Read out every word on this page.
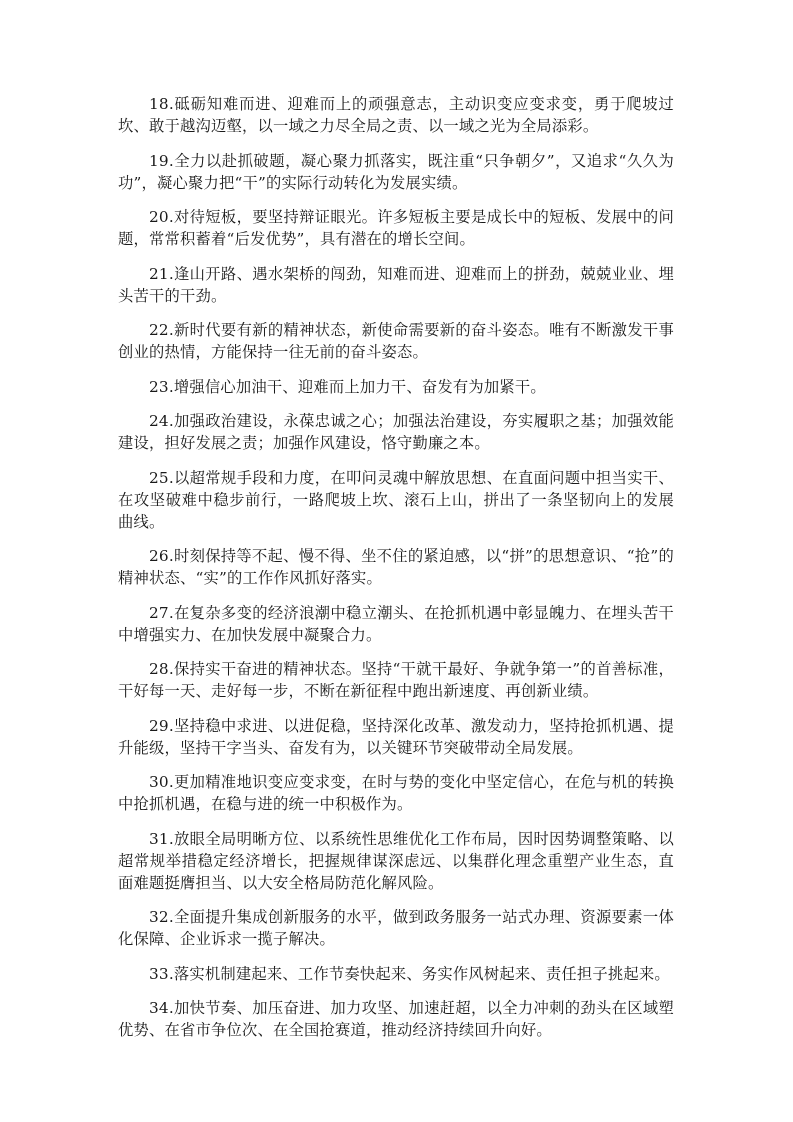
18.砥砺知难而进、迎难而上的顽强意志，主动识变应变求变，勇于爬坡过坎、敢于越沟迈壑，以一域之力尽全局之责、以一域之光为全局添彩。

19.全力以赴抓破题，凝心聚力抓落实，既注重“只争朝夕”，又追求“久久为功”，凝心聚力把“干”的实际行动转化为发展实绩。

20.对待短板，要坚持辩证眼光。许多短板主要是成长中的短板、发展中的问题，常常积蓄着“后发优势”，具有潜在的增长空间。

21.逢山开路、遇水架桥的闯劲，知难而进、迎难而上的拼劲，兢兢业业、埋头苦干的干劲。

22.新时代要有新的精神状态，新使命需要新的奋斗姿态。唯有不断激发干事创业的热情，方能保持一往无前的奋斗姿态。

23.增强信心加油干、迎难而上加力干、奋发有为加紧干。

24.加强政治建设，永葆忠诚之心；加强法治建设，夯实履职之基；加强效能建设，担好发展之责；加强作风建设，恪守勤廉之本。

25.以超常规手段和力度，在叩问灵魂中解放思想、在直面问题中担当实干、在攻坚破难中稳步前行，一路爬坡上坎、滚石上山，拼出了一条坚韧向上的发展曲线。

26.时刻保持等不起、慢不得、坐不住的紧迫感，以“拼”的思想意识、“抢”的精神状态、“实”的工作作风抓好落实。

27.在复杂多变的经济浪潮中稳立潮头、在抢抓机遇中彰显魄力、在埋头苦干中增强实力、在加快发展中凝聚合力。

28.保持实干奋进的精神状态。坚持“干就干最好、争就争第一”的首善标准，干好每一天、走好每一步，不断在新征程中跑出新速度、再创新业绩。

29.坚持稳中求进、以进促稳，坚持深化改革、激发动力，坚持抢抓机遇、提升能级，坚持干字当头、奋发有为，以关键环节突破带动全局发展。

30.更加精准地识变应变求变，在时与势的变化中坚定信心，在危与机的转换中抢抓机遇，在稳与进的统一中积极作为。

31.放眼全局明晰方位、以系统性思维优化工作布局，因时因势调整策略、以超常规举措稳定经济增长，把握规律谋深虑远、以集群化理念重塑产业生态，直面难题挺膺担当、以大安全格局防范化解风险。

32.全面提升集成创新服务的水平，做到政务服务一站式办理、资源要素一体化保障、企业诉求一揽子解决。

33.落实机制建起来、工作节奏快起来、务实作风树起来、责任担子挑起来。

34.加快节奏、加压奋进、加力攻坚、加速赶超，以全力冲刺的劲头在区域塑优势、在省市争位次、在全国抢赛道，推动经济持续回升向好。
